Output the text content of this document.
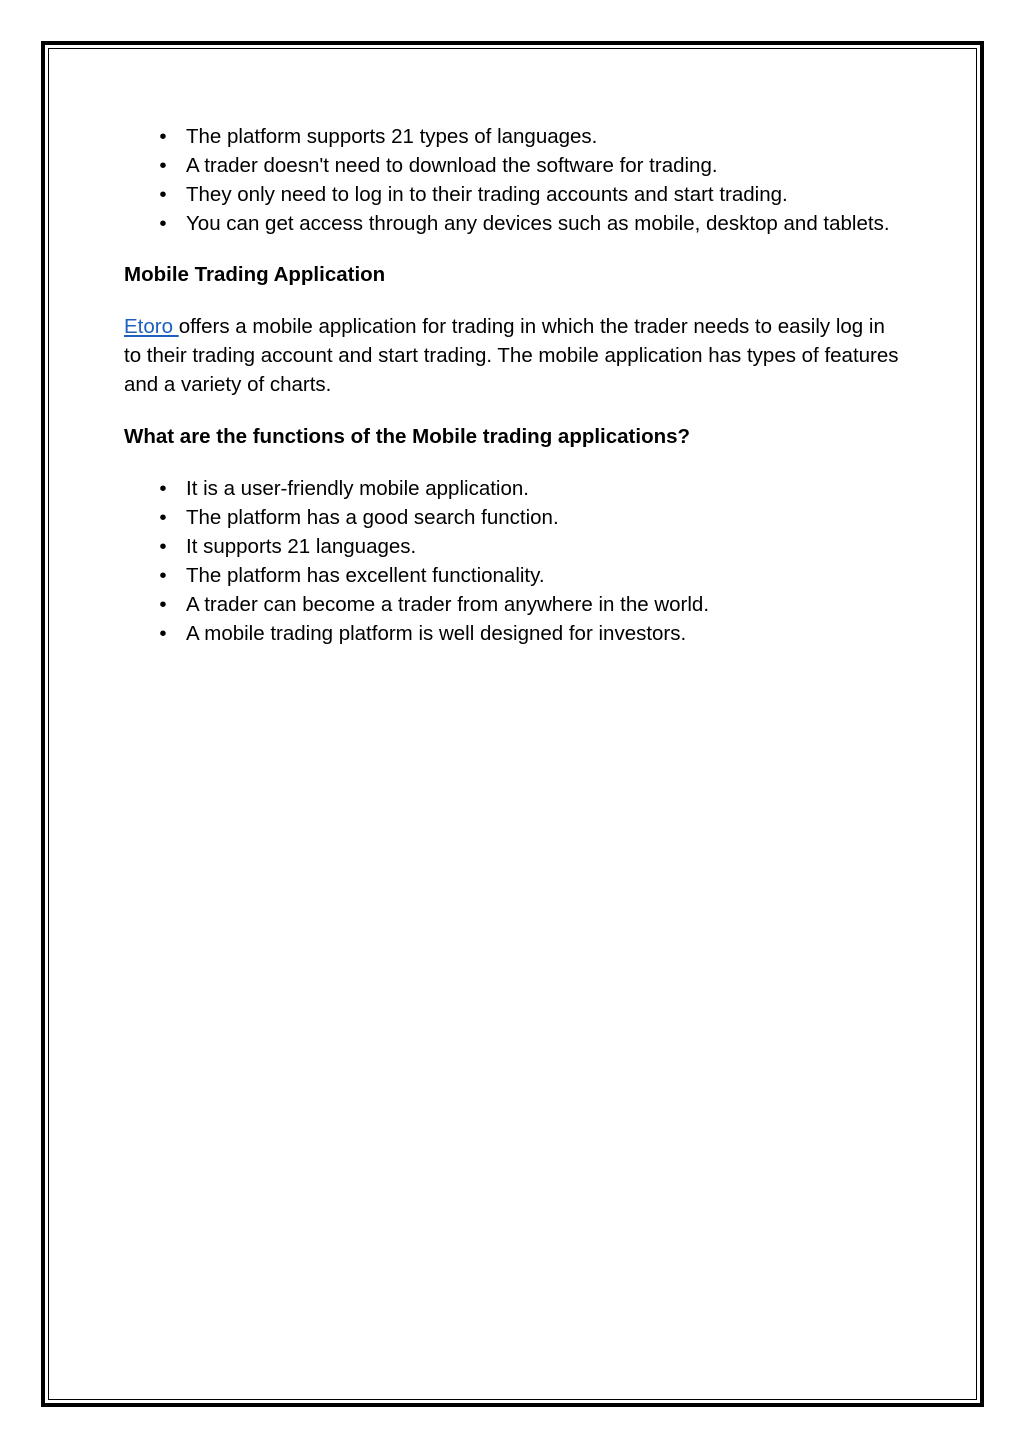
• The platform supports 21 types of languages.
• A trader doesn't need to download the software for trading.
• They only need to log in to their trading accounts and start trading.
• You can get access through any devices such as mobile, desktop and tablets.

Mobile Trading Application

Etoro offers a mobile application for trading in which the trader needs to easily log in to their trading account and start trading. The mobile application has types of features and a variety of charts.

What are the functions of the Mobile trading applications?

• It is a user-friendly mobile application.
• The platform has a good search function.
• It supports 21 languages.
• The platform has excellent functionality.
• A trader can become a trader from anywhere in the world.
• A mobile trading platform is well designed for investors.
